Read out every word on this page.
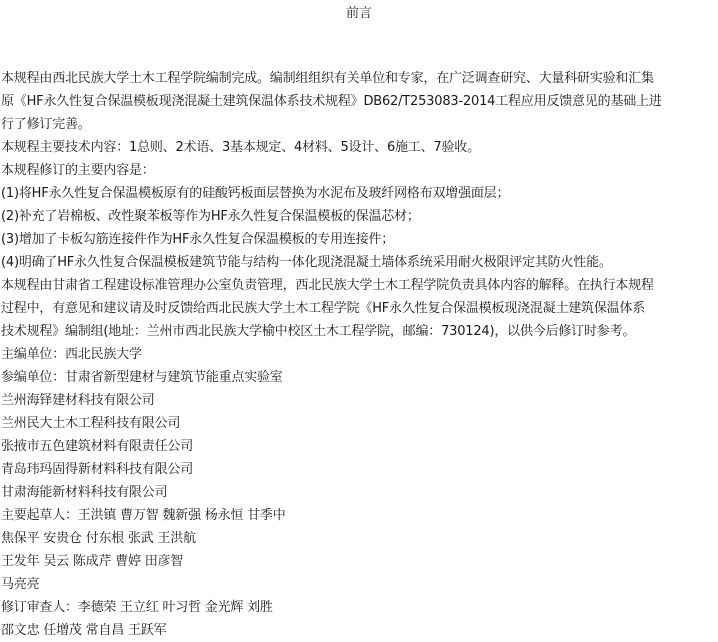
前言
本规程由西北民族大学土木工程学院编制完成。编制组组织有关单位和专家，在广泛调查研究、大量科研实验和汇集
原《HF永久性复合保温模板现浇混凝土建筑保温体系技术规程》DB62/T253083-2014工程应用反馈意见的基础上进
行了修订完善。
本规程主要技术内容：1总则、2术语、3基本规定、4材料、5设计、6施工、7验收。
本规程修订的主要内容是：
(1)将HF永久性复合保温模板原有的硅酸钙板面层替换为水泥布及玻纤网格布双增强面层；
(2)补充了岩棉板、改性聚苯板等作为HF永久性复合保温模板的保温芯材；
(3)增加了卡板勾筋连接件作为HF永久性复合保温模板的专用连接件；
(4)明确了HF永久性复合保温模板建筑节能与结构一体化现浇混凝土墙体系统采用耐火极限评定其防火性能。
本规程由甘肃省工程建设标准管理办公室负责管理，西北民族大学土木工程学院负责具体内容的解释。在执行本规程
过程中，有意见和建议请及时反馈给西北民族大学土木工程学院《HF永久性复合保温模板现浇混凝土建筑保温体系
技术规程》编制组(地址：兰州市西北民族大学榆中校区土木工程学院，邮编：730124)，以供今后修订时参考。
主编单位：西北民族大学
参编单位：甘肃省新型建材与建筑节能重点实验室
兰州海铎建材科技有限公司
兰州民大土木工程科技有限公司
张掖市五色建筑材料有限责任公司
青岛玮玛固得新材料科技有限公司
甘肃海能新材料科技有限公司
主要起草人：王洪镇 曹万智 魏新强 杨永恒 甘季中
焦保平 安贵仓 付东根 张武 王洪航
王发年 吴云 陈成芹 曹婷 田彦智
马亮亮
修订审查人：李德荣 王立红 叶习哲 金光辉 刘胜
邵文忠 任增茂 常自昌 王跃军
